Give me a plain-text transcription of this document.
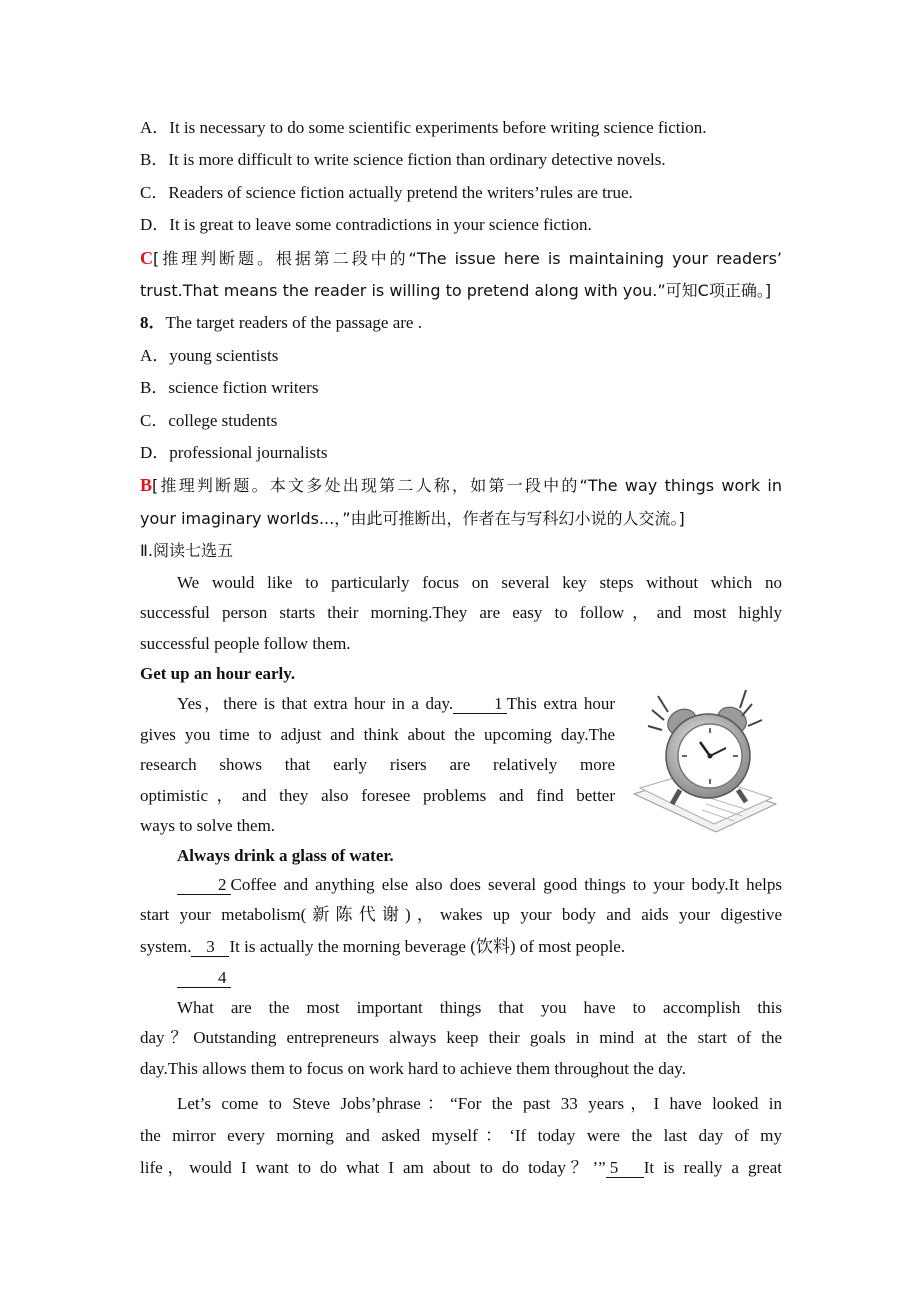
A．It is necessary to do some scientific experiments before writing science fiction.
B．It is more difficult to write science fiction than ordinary detective novels.
C．Readers of science fiction actually pretend the writers’rules are true.
D．It is great to leave some contradictions in your science fiction.
C[推理判断题。根据第二段中的“The issue here is maintaining your readers’
trust.That means the reader is willing to pretend along with you.”可知C项正确。]
8．The target readers of the passage are .
A．young scientists
B．science fiction writers
C．college students
D．professional journalists
B[推理判断题。本文多处出现第二人称，如第一段中的“The way things work in
your imaginary worlds...，”由此可推断出，作者在与写科幻小说的人交流。]
Ⅱ.阅读七选五
We would like to particularly focus on several key steps without which no
successful person starts their morning.They are easy to follow，and most highly
successful people follow them.
Get up an hour early.
Yes，there is that extra hour in a day. 1 This extra hour
gives you time to adjust and think about the upcoming day.The
research shows that early risers are relatively more
optimistic，and they also foresee problems and find better
ways to solve them.
Always drink a glass of water.
2 Coffee and anything else also does several good things to your body.It helps
start your metabolism(新陈代谢)，wakes up your body and aids your digestive
system. 3 It is actually the morning beverage (饮料) of most people.
4
What are the most important things that you have to accomplish this
day？Outstanding entrepreneurs always keep their goals in mind at the start of the
day.This allows them to focus on work hard to achieve them throughout the day.
Let’s come to Steve Jobs’phrase：“For the past 33 years，I have looked in
the mirror every morning and asked myself：‘If today were the last day of my
life，would I want to do what I am about to do today？’” 5 It is really a great
